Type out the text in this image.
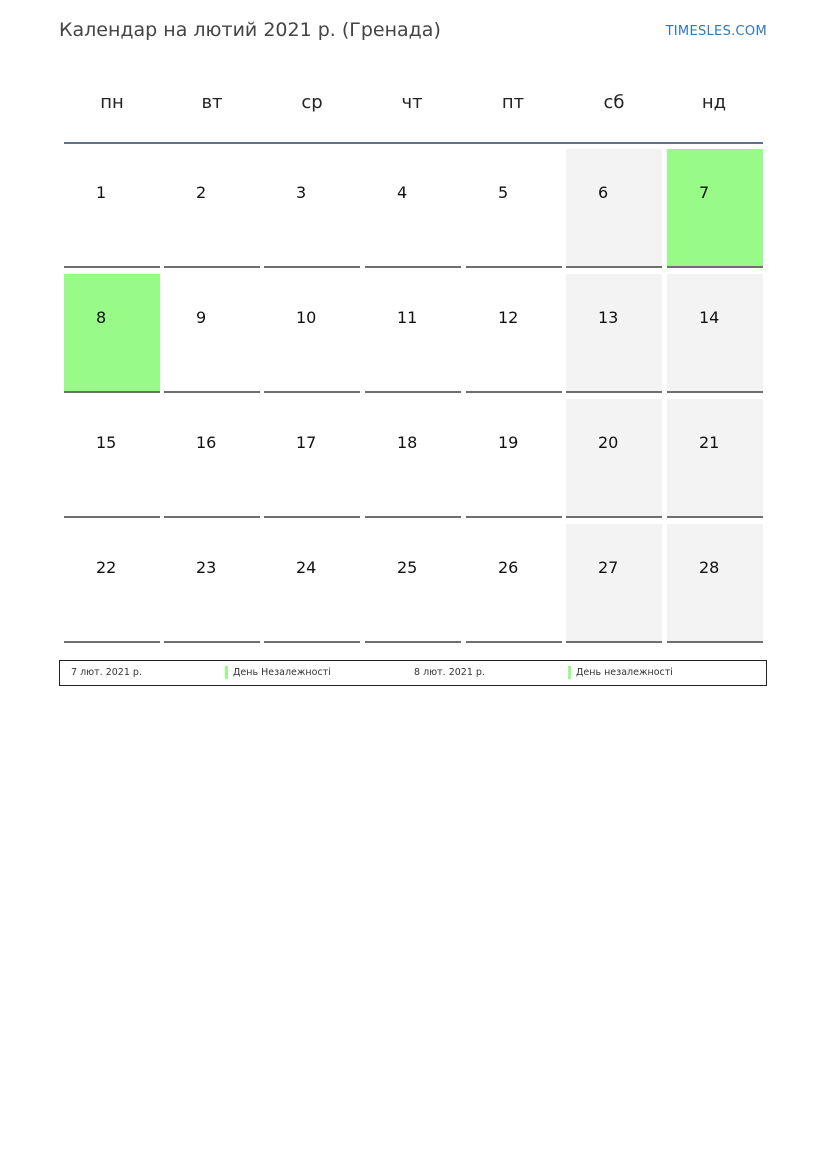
Календар на лютий 2021 р. (Гренада)	TIMESLES.COM
пн	вт	ср	чт	пт	сб	нд
1	2	3	4	5	6	7
8	9	10	11	12	13	14
15	16	17	18	19	20	21
22	23	24	25	26	27	28
7 лют. 2021 р.	День Незалежності	8 лют. 2021 р.	День незалежності
